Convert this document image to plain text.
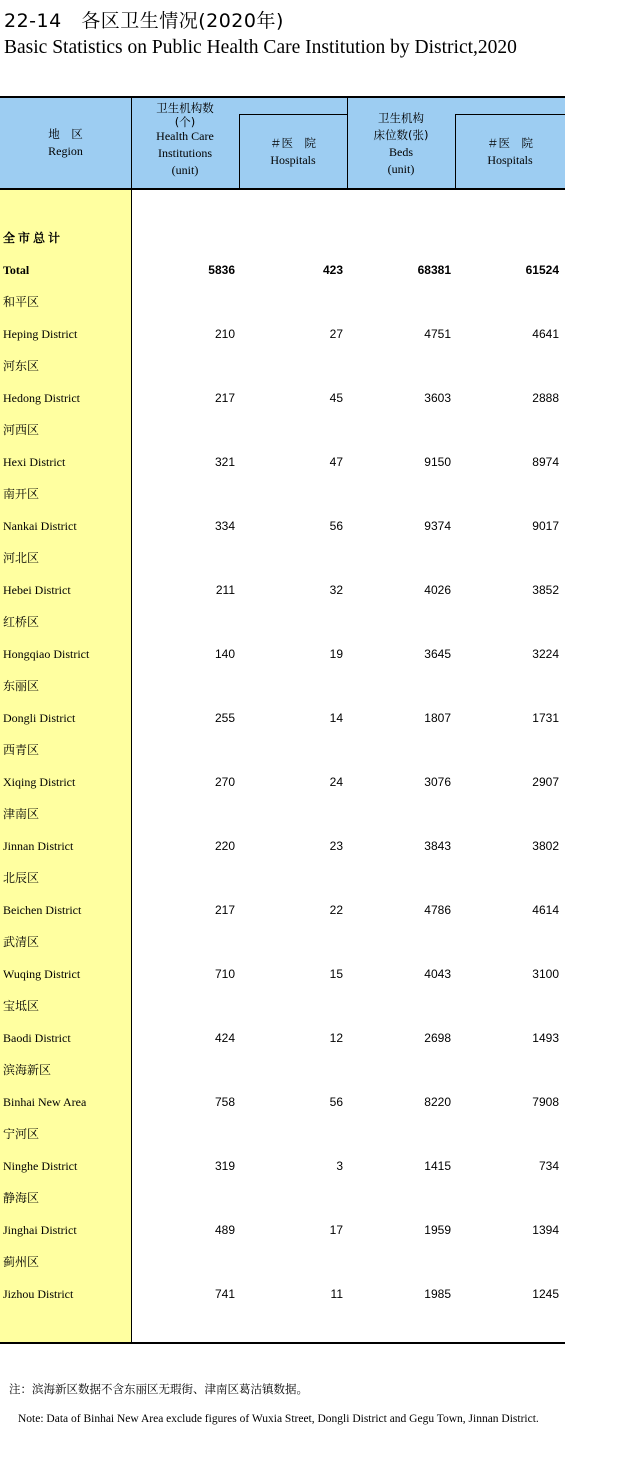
22-14　各区卫生情况(2020年)
Basic Statistics on Public Health Care Institution by District,2020
地　区
Region
卫生机构数
(个)
Health Care
Institutions
(unit)
＃医　院
Hospitals
卫生机构
床位数(张)
Beds
(unit)
＃医　院
Hospitals
全市总计
Total	5836	423	68381	61524
和平区
Heping District	210	27	4751	4641
河东区
Hedong District	217	45	3603	2888
河西区
Hexi District	321	47	9150	8974
南开区
Nankai District	334	56	9374	9017
河北区
Hebei District	211	32	4026	3852
红桥区
Hongqiao District	140	19	3645	3224
东丽区
Dongli District	255	14	1807	1731
西青区
Xiqing District	270	24	3076	2907
津南区
Jinnan District	220	23	3843	3802
北辰区
Beichen District	217	22	4786	4614
武清区
Wuqing District	710	15	4043	3100
宝坻区
Baodi District	424	12	2698	1493
滨海新区
Binhai New Area	758	56	8220	7908
宁河区
Ninghe District	319	3	1415	734
静海区
Jinghai District	489	17	1959	1394
蓟州区
Jizhou District	741	11	1985	1245
注：滨海新区数据不含东丽区无瑕街、津南区葛沽镇数据。
Note: Data of Binhai New Area exclude figures of Wuxia Street, Dongli District and Gegu Town, Jinnan District.
